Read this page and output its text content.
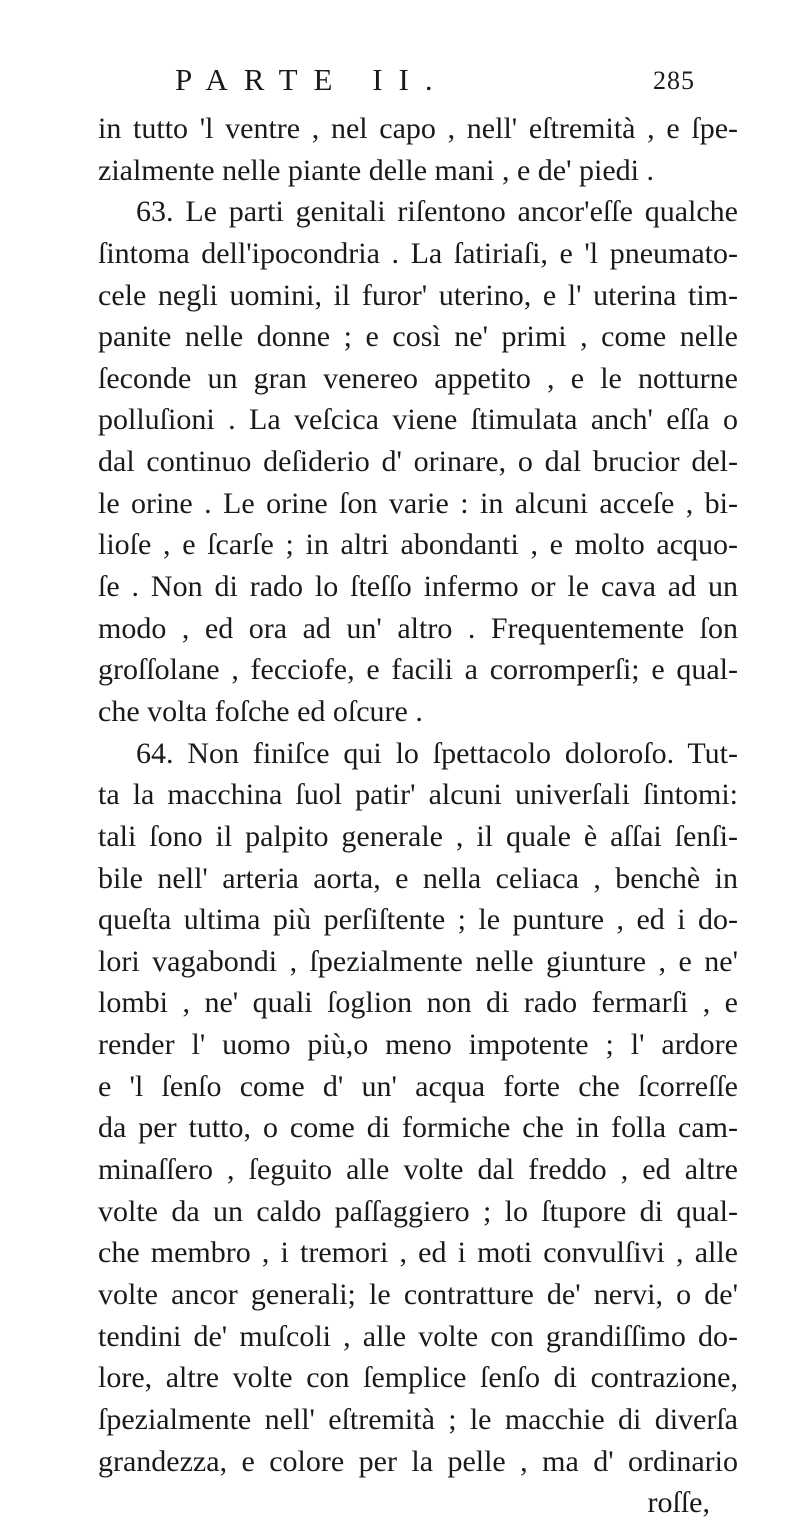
PARTE II.	285
in tutto 'l ventre , nel capo , nell' eſtremità , e ſpe-
zialmente nelle piante delle mani , e de' piedi .
63. Le parti genitali riſentono ancor'eſſe qualche
ſintoma dell'ipocondria . La ſatiriaſi, e 'l pneumato-
cele negli uomini, il furor' uterino, e l' uterina tim-
panite nelle donne ; e così ne' primi , come nelle
ſeconde un gran venereo appetito , e le notturne
polluſioni . La veſcica viene ſtimulata anch' eſſa o
dal continuo deſiderio d' orinare, o dal brucior del-
le orine . Le orine ſon varie : in alcuni acceſe , bi-
lioſe , e ſcarſe ; in altri abondanti , e molto acquo-
ſe . Non di rado lo ſteſſo infermo or le cava ad un
modo , ed ora ad un' altro . Frequentemente ſon
groſſolane , fecciofe, e facili a corromperſi; e qual-
che volta foſche ed oſcure .
64. Non finiſce qui lo ſpettacolo doloroſo. Tut-
ta la macchina ſuol patir' alcuni univerſali ſintomi:
tali ſono il palpito generale , il quale è aſſai ſenſi-
bile nell' arteria aorta, e nella celiaca , benchè in
queſta ultima più perſiſtente ; le punture , ed i do-
lori vagabondi , ſpezialmente nelle giunture , e ne'
lombi , ne' quali ſoglion non di rado fermarſi , e
render l' uomo più,o meno impotente ; l' ardore
e 'l ſenſo come d' un' acqua forte che ſcorreſſe
da per tutto, o come di formiche che in folla cam-
minaſſero , ſeguito alle volte dal freddo , ed altre
volte da un caldo paſſaggiero ; lo ſtupore di qual-
che membro , i tremori , ed i moti convulſivi , alle
volte ancor generali; le contratture de' nervi, o de'
tendini de' muſcoli , alle volte con grandiſſimo do-
lore, altre volte con ſemplice ſenſo di contrazione,
ſpezialmente nell' eſtremità ; le macchie di diverſa
grandezza, e colore per la pelle , ma d' ordinario
roſſe,
